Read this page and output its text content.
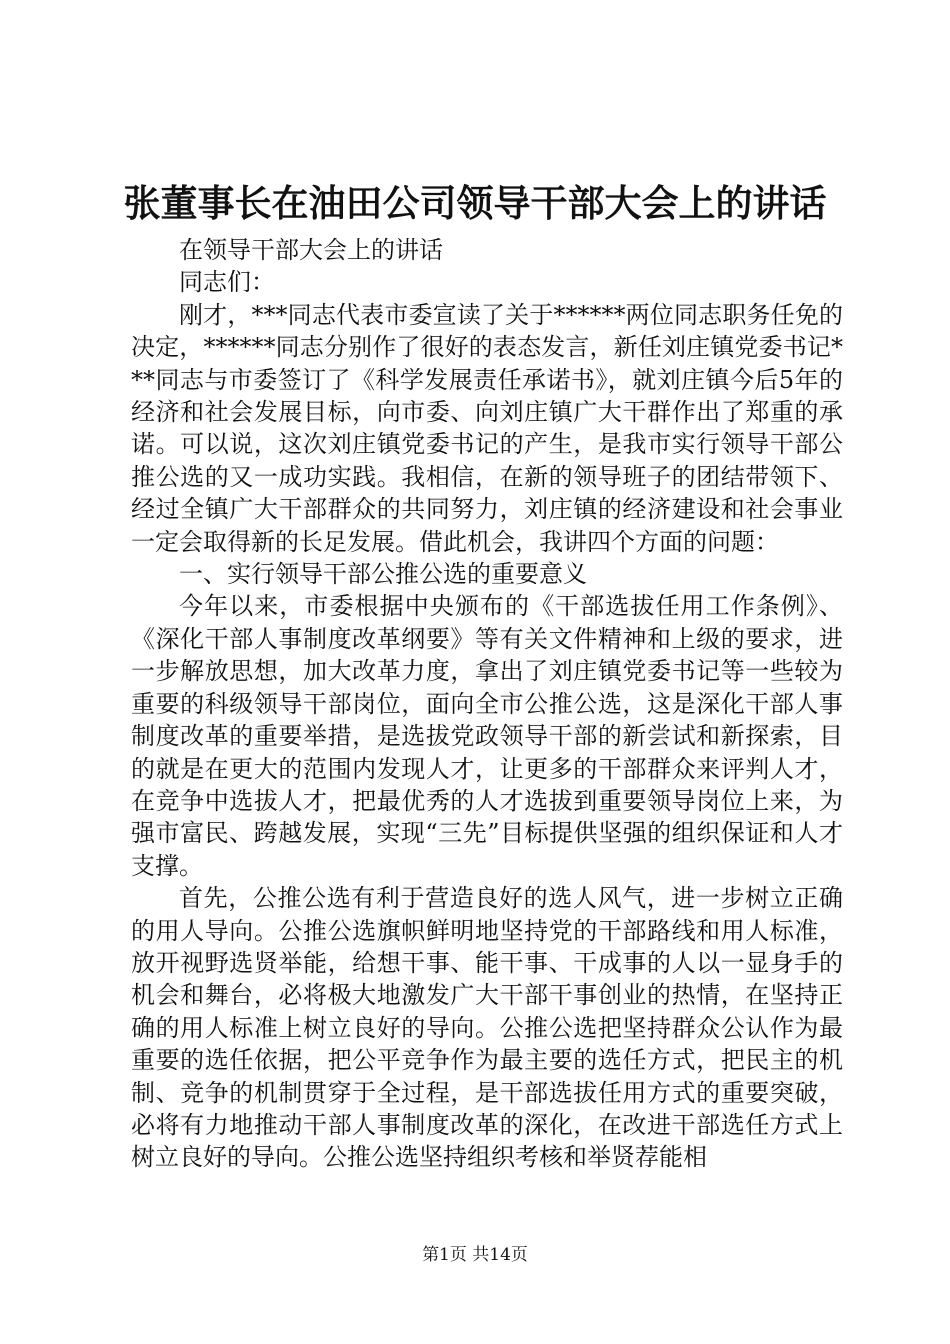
张董事长在油田公司领导干部大会上的讲话

在领导干部大会上的讲话

同志们：

刚才，***同志代表市委宣读了关于******两位同志职务任免的决定，******同志分别作了很好的表态发言，新任刘庄镇党委书记***同志与市委签订了《科学发展责任承诺书》，就刘庄镇今后5年的经济和社会发展目标，向市委、向刘庄镇广大干群作出了郑重的承诺。可以说，这次刘庄镇党委书记的产生，是我市实行领导干部公推公选的又一成功实践。我相信，在新的领导班子的团结带领下、经过全镇广大干部群众的共同努力，刘庄镇的经济建设和社会事业一定会取得新的长足发展。借此机会，我讲四个方面的问题：

一、实行领导干部公推公选的重要意义

今年以来，市委根据中央颁布的《干部选拔任用工作条例》、《深化干部人事制度改革纲要》等有关文件精神和上级的要求，进一步解放思想，加大改革力度，拿出了刘庄镇党委书记等一些较为重要的科级领导干部岗位，面向全市公推公选，这是深化干部人事制度改革的重要举措，是选拔党政领导干部的新尝试和新探索，目的就是在更大的范围内发现人才，让更多的干部群众来评判人才，在竞争中选拔人才，把最优秀的人才选拔到重要领导岗位上来，为强市富民、跨越发展，实现“三先”目标提供坚强的组织保证和人才支撑。

首先，公推公选有利于营造良好的选人风气，进一步树立正确的用人导向。公推公选旗帜鲜明地坚持党的干部路线和用人标准，放开视野选贤举能，给想干事、能干事、干成事的人以一显身手的机会和舞台，必将极大地激发广大干部干事创业的热情，在坚持正确的用人标准上树立良好的导向。公推公选把坚持群众公认作为最重要的选任依据，把公平竞争作为最主要的选任方式，把民主的机制、竞争的机制贯穿于全过程，是干部选拔任用方式的重要突破，必将有力地推动干部人事制度改革的深化，在改进干部选任方式上树立良好的导向。公推公选坚持组织考核和举贤荐能相

第1页 共14页
